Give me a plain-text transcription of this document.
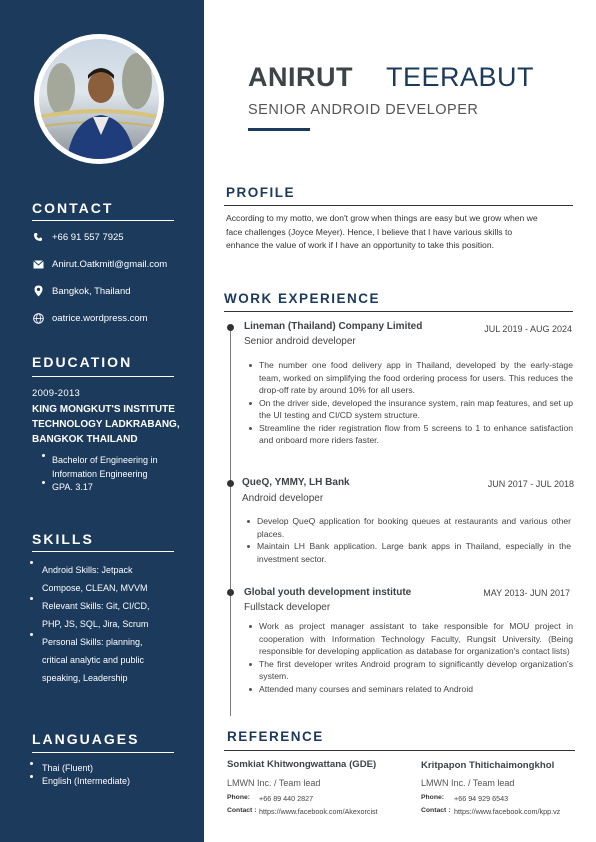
CONTACT
+66 91 557 7925
Anirut.Oatkmitl@gmail.com
Bangkok, Thailand
oatrice.wordpress.com
EDUCATION
2009-2013
KING MONGKUT'S INSTITUTE TECHNOLOGY LADKRABANG, BANGKOK THAILAND
Bachelor of Engineering in Information Engineering
GPA. 3.17
SKILLS
Android Skills: Jetpack Compose, CLEAN, MVVM
Relevant Skills: Git, CI/CD, PHP, JS, SQL, Jira, Scrum
Personal Skills: planning, critical analytic and public speaking, Leadership
LANGUAGES
Thai (Fluent)
English (Intermediate)
ANIRUT TEERABUT
SENIOR ANDROID DEVELOPER
PROFILE
According to my motto, we don't grow when things are easy but we grow when we face challenges (Joyce Meyer). Hence, I believe that I have various skills to enhance the value of work if I have an opportunity to take this position.
WORK EXPERIENCE
Lineman (Thailand) Company Limited	JUL 2019 - AUG 2024
Senior android developer
The number one food delivery app in Thailand, developed by the early-stage team, worked on simplifying the food ordering process for users. This reduces the drop-off rate by around 10% for all users.
On the driver side, developed the insurance system, rain map features, and set up the UI testing and CI/CD system structure.
Streamline the rider registration flow from 5 screens to 1 to enhance satisfaction and onboard more riders faster.
QueQ, YMMY, LH Bank	JUN 2017 - JUL 2018
Android developer
Develop QueQ application for booking queues at restaurants and various other places.
Maintain LH Bank application. Large bank apps in Thailand, especially in the investment sector.
Global youth development institute	MAY 2013- JUN 2017
Fullstack developer
Work as project manager assistant to take responsible for MOU project in cooperation with Information Technology Faculty, Rungsit University. (Being responsible for developing application as database for organization's contact lists)
The first developer writes Android program to significantly develop organization's system.
Attended many courses and seminars related to Android
REFERENCE
Somkiat Khitwongwattana (GDE)
LMWN Inc. / Team lead
Phone: +66 89 440 2827
Contact : https://www.facebook.com/Akexorcist
Kritpapon Thitichaimongkhol
LMWN Inc. / Team lead
Phone: +66 94 929 6543
Contact : https://www.facebook.com/kpp.vz
